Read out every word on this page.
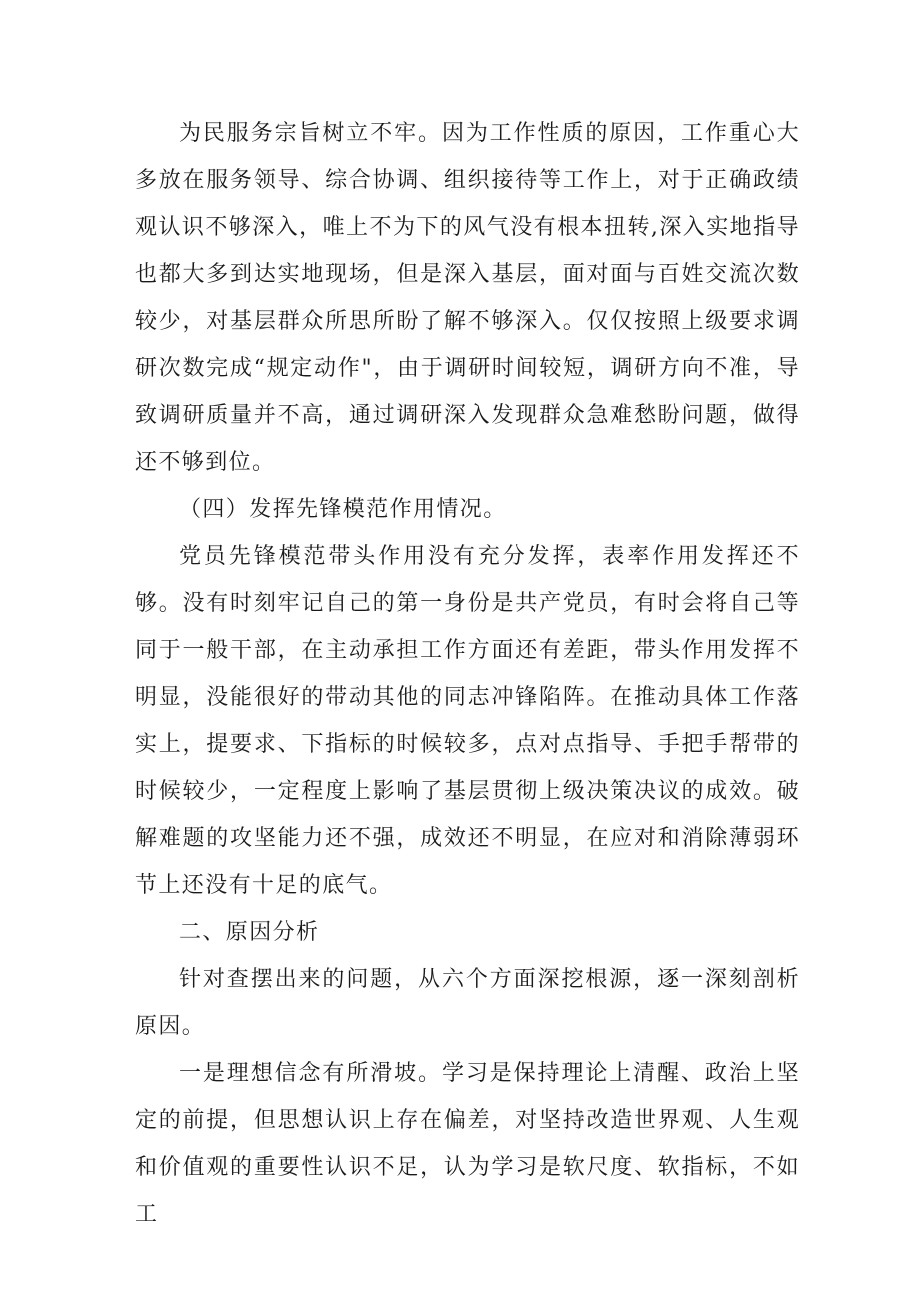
为民服务宗旨树立不牢。因为工作性质的原因，工作重心大多放在服务领导、综合协调、组织接待等工作上，对于正确政绩观认识不够深入，唯上不为下的风气没有根本扭转,深入实地指导也都大多到达实地现场，但是深入基层，面对面与百姓交流次数较少，对基层群众所思所盼了解不够深入。仅仅按照上级要求调研次数完成“规定动作"，由于调研时间较短，调研方向不准，导致调研质量并不高，通过调研深入发现群众急难愁盼问题，做得还不够到位。

（四）发挥先锋模范作用情况。

党员先锋模范带头作用没有充分发挥，表率作用发挥还不够。没有时刻牢记自己的第一身份是共产党员，有时会将自己等同于一般干部，在主动承担工作方面还有差距，带头作用发挥不明显，没能很好的带动其他的同志冲锋陷阵。在推动具体工作落实上，提要求、下指标的时候较多，点对点指导、手把手帮带的时候较少，一定程度上影响了基层贯彻上级决策决议的成效。破解难题的攻坚能力还不强，成效还不明显，在应对和消除薄弱环节上还没有十足的底气。

二、原因分析

针对查摆出来的问题，从六个方面深挖根源，逐一深刻剖析原因。

一是理想信念有所滑坡。学习是保持理论上清醒、政治上坚定的前提，但思想认识上存在偏差，对坚持改造世界观、人生观和价值观的重要性认识不足，认为学习是软尺度、软指标，不如工
